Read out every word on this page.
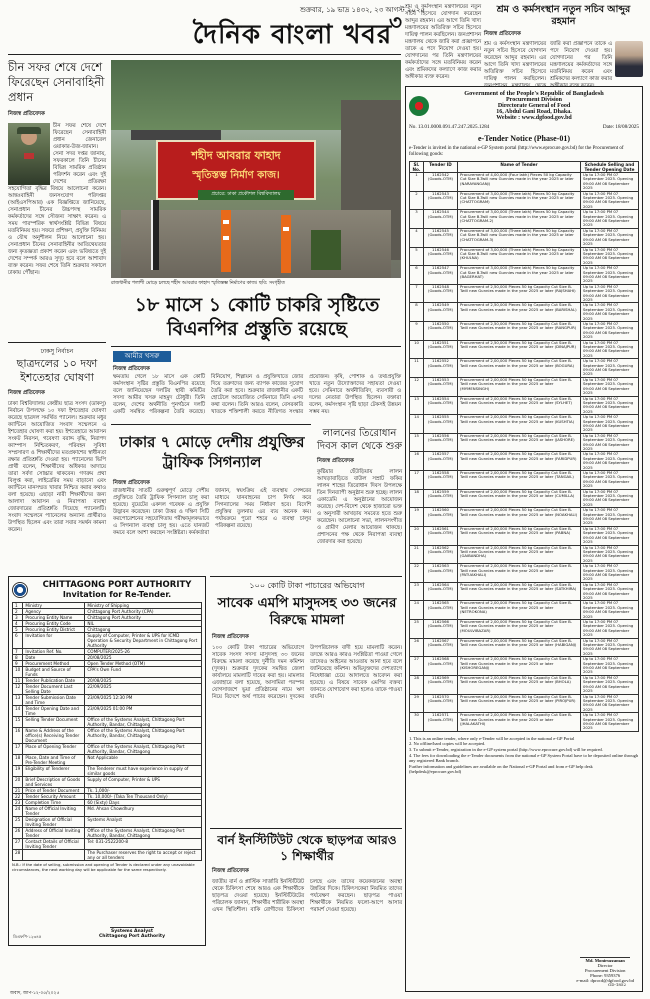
শুক্রবার, ১৯ ভাদ্র ১৪৩২, ২৩ আগস্ট ২০২৫
দৈনিক বাংলা খবর
৩
চীন সফর শেষে দেশে ফিরেছেন সেনাবাহিনী প্রধান
নিজস্ব প্রতিবেদক
চীন সফর শেষে দেশে ফিরেছেন সেনাবাহিনী প্রধান জেনারেল ওয়াকার-উজ-জামান। সেনা সদর দপ্তর জানায়, সফরকালে তিনি চীনের বিভিন্ন সামরিক প্রতিষ্ঠান পরিদর্শন করেন এবং দুই দেশের প্রতিরক্ষা সহযোগিতা বৃদ্ধির বিষয়ে আলোচনা করেন। আন্তঃবাহিনী জনসংযোগ পরিদপ্তর (আইএসপিআর) এক বিজ্ঞপ্তিতে জানিয়েছে, সেনাপ্রধান চীনের উচ্চপদস্থ সামরিক কর্মকর্তাদের সঙ্গে সৌজন্য সাক্ষাৎ করেন। এ সময় পারস্পরিক স্বার্থসংশ্লিষ্ট বিভিন্ন বিষয়ে মতবিনিময় হয়। সফরে প্রশিক্ষণ, প্রযুক্তি বিনিময় ও যৌথ অনুশীলন নিয়ে আলোচনা হয়। সেনাপ্রধান চীনের সেনাবাহিনীর আতিথেয়তার জন্য কৃতজ্ঞতা প্রকাশ করেন এবং ভবিষ্যতে দুই দেশের সম্পর্ক আরও সুদৃঢ় হবে বলে আশাবাদ ব্যক্ত করেন। সফর শেষে তিনি শুক্রবার সকালে ঢাকায় পৌঁছান।
শহীদ আবরার ফাহাদ
স্মৃতিস্তম্ভ নির্মাণ কাজ।
প্রচারে: ঢাকা প্রকৌশল বিশ্ববিদ্যালয়
রাজধানীর পলাশী মোড়ে চলছে শহীদ আবরার ফাহাদ স্মৃতিস্তম্ভ নির্মাণের কাজ। ছবি: সংগৃহীত
১৮ মাসে ১ কোটি চাকরি সৃষ্টিতে বিএনপির প্রস্তুতি রয়েছে
আমীর খসরু
নিজস্ব প্রতিবেদক
ক্ষমতায় গেলে ১৮ মাসে এক কোটি কর্মসংস্থান সৃষ্টির প্রস্তুতি বিএনপির রয়েছে বলে জানিয়েছেন দলটির স্থায়ী কমিটির সদস্য আমীর খসরু মাহমুদ চৌধুরী। তিনি বলেন, দেশের অর্থনীতি পুনর্গঠনে দলটি একটি সমন্বিত পরিকল্পনা তৈরি করেছে। বিনিয়োগ, শিল্পায়ন ও প্রযুক্তিখাতে জোর দিয়ে তরুণদের জন্য ব্যাপক কাজের সুযোগ তৈরি করা হবে। শুক্রবার রাজধানীর একটি হোটেলে আয়োজিত সেমিনারে তিনি এসব কথা বলেন। তিনি আরও বলেন, বেসরকারি খাতকে শক্তিশালী করতে নীতিগত সংস্কার প্রয়োজন। কৃষি, পোশাক ও তথ্যপ্রযুক্তি খাতে নতুন উদ্যোক্তাদের সহায়তা দেওয়া হবে। সেমিনারে অর্থনীতিবিদ, ব্যবসায়ী ও দলের নেতারা উপস্থিত ছিলেন। বক্তারা বলেন, কর্মসংস্থান সৃষ্টি ছাড়া টেকসই উন্নয়ন সম্ভব নয়।
ঢাকসু নির্বাচন
ছাত্রদলের ১০ দফা ইশতেহার ঘোষণা
নিজস্ব প্রতিবেদক
ঢাকা বিশ্ববিদ্যালয় কেন্দ্রীয় ছাত্র সংসদ (ডাকসু) নির্বাচন উপলক্ষে ১০ দফা ইশতেহার ঘোষণা করেছে ছাত্রদল সমর্থিত প্যানেল। শুক্রবার মধুর ক্যান্টিনে আয়োজিত সংবাদ সম্মেলনে এ ইশতেহার ঘোষণা করা হয়। ইশতেহারে আবাসন সংকট নিরসন, গবেষণা বরাদ্দ বৃদ্ধি, নিরাপদ ক্যাম্পাস নিশ্চিতকরণ, পরিবহন সুবিধা সম্প্রসারণ ও শিক্ষার্থীদের মতপ্রকাশের স্বাধীনতা রক্ষার প্রতিশ্রুতি দেওয়া হয়। প্যানেলের ভিপি প্রার্থী বলেন, শিক্ষার্থীদের অধিকার আদায়ে তারা সর্বদা সোচ্চার থাকবেন। গণরুম প্রথা বিলুপ্ত করা, লাইব্রেরির সময় বাড়ানো এবং ক্যান্টিনে মানসম্মত খাবার নিশ্চিত করার কথাও বলা হয়েছে। এছাড়া নারী শিক্ষার্থীদের জন্য আলাদা আবাসন ও নিরাপত্তা ব্যবস্থা জোরদারের প্রতিশ্রুতি দিয়েছে প্যানেলটি। সংবাদ সম্মেলনে প্যানেলের অন্যান্য প্রার্থীরাও উপস্থিত ছিলেন এবং তারা সবার সমর্থন কামনা করেন।
ঢাকার ৭ মোড়ে দেশীয় প্রযুক্তির ট্রাফিক সিগন্যাল
নিজস্ব প্রতিবেদক
রাজধানীর সাতটি গুরুত্বপূর্ণ মোড়ে দেশীয় প্রযুক্তিতে তৈরি ট্রাফিক সিগন্যাল চালু করা হয়েছে। বুয়েটের একদল গবেষক এ প্রযুক্তি উদ্ভাবন করেছেন। ঢাকা উত্তর ও দক্ষিণ সিটি করপোরেশনের সহযোগিতায় পরীক্ষামূলকভাবে এ সিগন্যাল ব্যবস্থা চালু হয়। এতে যানজট কমবে বলে আশা করছেন সংশ্লিষ্টরা। কর্মকর্তারা জানান, স্বয়ংক্রিয় এই ব্যবস্থায় সেন্সরের মাধ্যমে যানবাহনের চাপ নির্ণয় করে সিগন্যালের সময় নির্ধারণ হবে। বিদেশি প্রযুক্তির তুলনায় এর ব্যয় অনেক কম। পর্যায়ক্রমে পুরো শহরে এ ব্যবস্থা চালুর পরিকল্পনা রয়েছে।
লালনের তিরোধান দিবস কাল থেকে শুরু
নিজস্ব প্রতিবেদক
কুষ্টিয়ার ছেঁউড়িয়ায় লালন আখড়াবাড়িতে বাউল সম্রাট ফকির লালন শাহের তিরোধান দিবস উপলক্ষে তিন দিনব্যাপী অনুষ্ঠান শুরু হচ্ছে। লালন একাডেমি এ অনুষ্ঠানের আয়োজন করেছে। দেশ-বিদেশ থেকে হাজারো ভক্ত ও অনুসারী আখড়ায় সমবেত হতে শুরু করেছেন। আলোচনা সভা, লালনসংগীত ও গ্রামীণ মেলার আয়োজন থাকছে। প্রশাসনের পক্ষ থেকে নিরাপত্তা ব্যবস্থা জোরদার করা হয়েছে।
CHITTAGONG PORT AUTHORITY
Invitation for Re-Tender.
1	Ministry	Ministry of Shipping
2	Agency	Chittagong Port Authority (CPA)
3	Procuring Entity Name	Chittagong Port Authority
4	Procuring Entity Code	NIL
5	Procuring Entity District	Chittagong
6	Invitation for	Supply of Computer, Printer & UPS for ICMD Operation & Security Department in Chittagong Port Authority
7	Invitation Ref. No.	COMPUTER/2025-26
8	Date	20/08/2025
9	Procurement Method	Open Tender Method (OTM)
10	Budget and Source of Funds	CPA's Own Fund
11	Tender Publication Date	20/08/2025
12	Tender Document Last Selling Date	22/09/2025
13	Tender Submission Date and Time	23/09/2025 12:30 PM
14	Tender Opening Date and Time	23/09/2025 01:00 PM
15	Selling Tender Document	Office of the Systems Analyst, Chittagong Port Authority, Bandar, Chittagong
16	Name & Address of the office(s) Receiving Tender Document	Office of the Systems Analyst, Chittagong Port Authority, Bandar, Chittagong
17	Place of Opening Tender	Office of the Systems Analyst, Chittagong Port Authority, Bandar, Chittagong
18	Place, Date and Time of Pre-Tender Meeting	Not Applicable
19	Eligibility of Tenderer	The Tenderer must have experience in supply of similar goods
20	Brief Description of Goods and Services	Supply of Computer, Printer & UPS
21	Price of Tender Document	Tk. 1,000/-
22	Tender Security Amount	Tk. 10,000/- (Taka Ten Thousand Only)
23	Completion Time	60 (Sixty) Days
24	Name of Official Inviting Tender	Md. Ahsan Chowdhury
25	Designation of Official Inviting Tender	Systems Analyst
26	Address of Official Inviting Tender	Office of the Systems Analyst, Chittagong Port Authority, Bandar, Chittagong
27	Contact Details of Official Inviting Tender	Tel: 031-2522200-8
28		The Purchaser reserves the right to accept or reject any or all tenders
N.B.: If the date of selling, submission and opening of Tender is declared under any unavoidable circumstances, the next working day will be applicable for the same respectively.
Systems Analyst
Chittagong Port Authority
ডিএফপি-১২৩৪৫
১০০ কোটি টাকা পাচারের অভিযোগ
সাবেক এমপি মাসুদসহ ৩৩ জনের বিরুদ্ধে মামলা
নিজস্ব প্রতিবেদক
১০০ কোটি টাকা পাচারের অভিযোগে সাবেক সংসদ সদস্য মাসুদসহ ৩৩ জনের বিরুদ্ধে মামলা করেছে দুর্নীতি দমন কমিশন (দুদক)। শুক্রবার দুদকের সমন্বিত জেলা কার্যালয়ে মামলাটি দায়ের করা হয়। মামলার এজাহারে বলা হয়েছে, আসামিরা পরস্পর যোগসাজশে ভুয়া প্রতিষ্ঠানের নামে ঋণ নিয়ে বিদেশে অর্থ পাচার করেছেন। দুদকের উপপরিচালক বাদী হয়ে মামলাটি করেন। তদন্তে আরও কারও সংশ্লিষ্টতা পাওয়া গেলে তাদেরও আইনের আওতায় আনা হবে বলে জানিয়েছে কমিশন। অভিযুক্তদের দেশত্যাগে নিষেধাজ্ঞা চেয়ে আদালতে আবেদন করা হয়েছে। এ বিষয়ে সাবেক এমপির বক্তব্য জানতে যোগাযোগ করা হলেও তাকে পাওয়া যায়নি।
বার্ন ইনস্টিটিউট থেকে ছাড়পত্র আরও ১ শিক্ষার্থীর
নিজস্ব প্রতিবেদক
জাতীয় বার্ন ও প্লাস্টিক সার্জারি ইনস্টিটিউট থেকে চিকিৎসা শেষে আরও এক শিক্ষার্থীকে ছাড়পত্র দেওয়া হয়েছে। ইনস্টিটিউটের পরিচালক জানান, শিক্ষার্থীর শারীরিক অবস্থা এখন স্থিতিশীল। বাকি রোগীদের চিকিৎসা চলছে এবং তাদের কয়েকজনের অবস্থা উন্নতির দিকে। চিকিৎসকেরা নিয়মিত তাদের পর্যবেক্ষণ করছেন। ছাড়পত্র পাওয়া শিক্ষার্থীকে নিয়মিত ফলো-আপে আসার পরামর্শ দেওয়া হয়েছে।
শ্রম ও কর্মসংস্থান মন্ত্রণালয়ের নতুন সচিব হিসেবে যোগদান করেছেন আব্দুর রহমান। এর আগে তিনি খাদ্য মন্ত্রণালয়ের অতিরিক্ত সচিব হিসেবে দায়িত্ব পালন করছিলেন। জনপ্রশাসন মন্ত্রণালয় থেকে জারি করা প্রজ্ঞাপনে তাকে এ পদে নিয়োগ দেওয়া হয়। যোগদানের পর তিনি মন্ত্রণালয়ের কর্মকর্তাদের সঙ্গে মতবিনিময় করেন এবং শ্রমিকদের কল্যাণে কাজ করার অঙ্গীকার ব্যক্ত করেন।
শ্রম ও কর্মসংস্থান নতুন সচিব আব্দুর রহমান
নিজস্ব প্রতিবেদক
শ্রম ও কর্মসংস্থান মন্ত্রণালয়ের নতুন সচিব হিসেবে যোগদান করেছেন আব্দুর রহমান। এর আগে তিনি খাদ্য মন্ত্রণালয়ের অতিরিক্ত সচিব হিসেবে দায়িত্ব পালন করছিলেন। জনপ্রশাসন মন্ত্রণালয় থেকে জারি করা প্রজ্ঞাপনে তাকে এ পদে নিয়োগ দেওয়া হয়। যোগদানের পর তিনি মন্ত্রণালয়ের কর্মকর্তাদের সঙ্গে মতবিনিময় করেন এবং শ্রমিকদের কল্যাণে কাজ করার অঙ্গীকার ব্যক্ত করেন।
Government of the People's Republic of Bangladesh
Procurement Division
Directorate General of Food
16, Abdul Gani Road, Dhaka.
Website : www.dgfood.gov.bd
No. 13.01.0000.091.47.247.2025.1284	Date: 18/08/2025
e-Tender Notice (Phase-01)
e-Tender is invited in the national e-GP System portal (http://www.eprocure.gov.bd) for the Procurement of following goods:
Sl. No.	Tender ID	Name of Tender	Schedule Selling and Tender Opening Date
1	1162542 (Goods-OTM)	Procurement of 4,00,000 (Four lakh) Pieces 50 kg Capacity Cut Size B-Twill new Gunnies made in the year 2025 or later (NARAYANGANJ)	Up to 17:00 PM 07 September 2025. Opening 09:00 AM 08 September 2025
2	1162543 (Goods-OTM)	Procurement of 3,00,000 (Three lakh) Pieces 50 kg Capacity Cut Size B-Twill new Gunnies made in the year 2025 or later (CHATTOGRAM)	Up to 17:00 PM 07 September 2025. Opening 09:00 AM 08 September 2025
3	1162544 (Goods-OTM)	Procurement of 3,00,000 (Three lakh) Pieces 50 kg Capacity Cut Size B-Twill new Gunnies made in the year 2025 or later (CHATTOGRAM-2)	Up to 17:00 PM 07 September 2025. Opening 09:00 AM 08 September 2025
4	1162545 (Goods-OTM)	Procurement of 3,00,000 (Three lakh) Pieces 50 kg Capacity Cut Size B-Twill new Gunnies made in the year 2025 or later (CHATTOGRAM-3)	Up to 17:00 PM 07 September 2025. Opening 09:00 AM 08 September 2025
5	1162546 (Goods-OTM)	Procurement of 3,00,000 (Three lakh) Pieces 50 kg Capacity Cut Size B-Twill new Gunnies made in the year 2025 or later (KHULNA)	Up to 17:00 PM 07 September 2025. Opening 09:00 AM 08 September 2025
6	1162547 (Goods-OTM)	Procurement of 3,00,000 (Three lakh) Pieces 50 kg Capacity Cut Size B-Twill new Gunnies made in the year 2025 or later (BAGERHAT)	Up to 17:00 PM 07 September 2025. Opening 09:00 AM 08 September 2025
7	1162548 (Goods-OTM)	Procurement of 2,50,000 Pieces 50 kg Capacity Cut Size B-Twill new Gunnies made in the year 2025 or later (RAJSHAHI)	Up to 17:00 PM 07 September 2025. Opening 09:00 AM 08 September 2025
8	1162549 (Goods-OTM)	Procurement of 2,50,000 Pieces 50 kg Capacity Cut Size B-Twill new Gunnies made in the year 2025 or later (BARISHAL)	Up to 17:00 PM 07 September 2025. Opening 09:00 AM 08 September 2025
9	1162550 (Goods-OTM)	Procurement of 2,50,000 Pieces 50 kg Capacity Cut Size B-Twill new Gunnies made in the year 2025 or later (RANGPUR)	Up to 17:00 PM 07 September 2025. Opening 09:00 AM 08 September 2025
10	1162551 (Goods-OTM)	Procurement of 2,50,000 Pieces 50 kg Capacity Cut Size B-Twill new Gunnies made in the year 2025 or later (DINAJPUR)	Up to 17:00 PM 07 September 2025. Opening 09:00 AM 08 September 2025
11	1162552 (Goods-OTM)	Procurement of 2,00,000 Pieces 50 kg Capacity Cut Size B-Twill new Gunnies made in the year 2025 or later (BOGURA)	Up to 17:00 PM 07 September 2025. Opening 09:00 AM 08 September 2025
12	1162553 (Goods-OTM)	Procurement of 2,00,000 Pieces 50 kg Capacity Cut Size B-Twill new Gunnies made in the year 2025 or later (MYMENSINGH)	Up to 17:00 PM 07 September 2025. Opening 09:00 AM 08 September 2025
13	1162554 (Goods-OTM)	Procurement of 2,00,000 Pieces 50 kg Capacity Cut Size B-Twill new Gunnies made in the year 2025 or later (SYLHET)	Up to 17:00 PM 07 September 2025. Opening 09:00 AM 08 September 2025
14	1162555 (Goods-OTM)	Procurement of 2,00,000 Pieces 50 kg Capacity Cut Size B-Twill new Gunnies made in the year 2025 or later (KUSHTIA)	Up to 17:00 PM 07 September 2025. Opening 09:00 AM 08 September 2025
15	1162556 (Goods-OTM)	Procurement of 2,00,000 Pieces 50 kg Capacity Cut Size B-Twill new Gunnies made in the year 2025 or later (JASHORE)	Up to 17:00 PM 07 September 2025. Opening 09:00 AM 08 September 2025
16	1162557 (Goods-OTM)	Procurement of 2,00,000 Pieces 50 kg Capacity Cut Size B-Twill new Gunnies made in the year 2025 or later (FARIDPUR)	Up to 17:00 PM 07 September 2025. Opening 09:00 AM 08 September 2025
17	1162558 (Goods-OTM)	Procurement of 2,00,000 Pieces 50 kg Capacity Cut Size B-Twill new Gunnies made in the year 2025 or later (TANGAIL)	Up to 17:00 PM 07 September 2025. Opening 09:00 AM 08 September 2025
18	1162559 (Goods-OTM)	Procurement of 2,00,000 Pieces 50 kg Capacity Cut Size B-Twill new Gunnies made in the year 2025 or later (CUMILLA)	Up to 17:00 PM 07 September 2025. Opening 09:00 AM 08 September 2025
19	1162560 (Goods-OTM)	Procurement of 2,00,000 Pieces 50 kg Capacity Cut Size B-Twill new Gunnies made in the year 2025 or later (NOAKHALI)	Up to 17:00 PM 07 September 2025. Opening 09:00 AM 08 September 2025
20	1162561 (Goods-OTM)	Procurement of 2,00,000 Pieces 50 kg Capacity Cut Size B-Twill new Gunnies made in the year 2025 or later (PABNA)	Up to 17:00 PM 07 September 2025. Opening 09:00 AM 08 September 2025
21	1162562 (Goods-OTM)	Procurement of 2,00,000 Pieces 50 kg Capacity Cut Size B-Twill new Gunnies made in the year 2025 or later (GAIBANDHA)	Up to 17:00 PM 07 September 2025. Opening 09:00 AM 08 September 2025
22	1162563 (Goods-OTM)	Procurement of 2,00,000 Pieces 50 kg Capacity Cut Size B-Twill new Gunnies made in the year 2025 or later (PATUAKHALI)	Up to 17:00 PM 07 September 2025. Opening 09:00 AM 08 September 2025
23	1162564 (Goods-OTM)	Procurement of 2,00,000 Pieces 50 kg Capacity Cut Size B-Twill new Gunnies made in the year 2025 or later (SATKHIRA)	Up to 17:00 PM 07 September 2025. Opening 09:00 AM 08 September 2025
24	1162565 (Goods-OTM)	Procurement of 2,00,000 Pieces 50 kg Capacity Cut Size B-Twill new Gunnies made in the year 2025 or later (NETROKONA)	Up to 17:00 PM 07 September 2025. Opening 09:00 AM 08 September 2025
25	1162566 (Goods-OTM)	Procurement of 2,00,000 Pieces 50 kg Capacity Cut Size B-Twill new Gunnies made in the year 2025 or later (MOULVIBAZAR)	Up to 17:00 PM 07 September 2025. Opening 09:00 AM 08 September 2025
26	1162567 (Goods-OTM)	Procurement of 2,00,000 Pieces 50 kg Capacity Cut Size B-Twill new Gunnies made in the year 2025 or later (HABIGANJ)	Up to 17:00 PM 07 September 2025. Opening 09:00 AM 08 September 2025
27	1162568 (Goods-OTM)	Procurement of 2,00,000 Pieces 50 kg Capacity Cut Size B-Twill new Gunnies made in the year 2025 or later (KISHOREGANJ)	Up to 17:00 PM 07 September 2025. Opening 09:00 AM 08 September 2025
28	1162569 (Goods-OTM)	Procurement of 2,00,000 Pieces 50 kg Capacity Cut Size B-Twill new Gunnies made in the year 2025 or later (BHOLA)	Up to 17:00 PM 07 September 2025. Opening 09:00 AM 08 September 2025
29	1162570 (Goods-OTM)	Procurement of 2,00,000 Pieces 50 kg Capacity Cut Size B-Twill new Gunnies made in the year 2025 or later (PIROJPUR)	Up to 17:00 PM 07 September 2025. Opening 09:00 AM 08 September 2025
30	1162571 (Goods-OTM)	Procurement of 2,00,000 Pieces 50 kg Capacity Cut Size B-Twill new Gunnies made in the year 2025 or later (JHALAKATHI)	Up to 17:00 PM 07 September 2025. Opening 09:00 AM 08 September 2025
1. This is an online tender, where only e-Tender will be accepted in the national e-GP Portal
2. No offline/hard copies will be accepted.
3. To submit e-Tender, registration in the e-GP system portal (http://www.eprocure.gov.bd) will be required.
4. The fees for downloading the e-Tender documents from the national e-GP System Portal have to be deposited online through any registered Bank branch.
Further information and guidelines are available on the National e-GP Portal and from e-GP help desk (helpdesk@eprocure.gov.bd)
Md. Moniruzzaman
Director
Procurement Division
Phone: 9359376
e-mail: dprocd@dgfood.gov.bd
জবাদ, জাপ-১২-০৫/২০২৫
GD-1852
